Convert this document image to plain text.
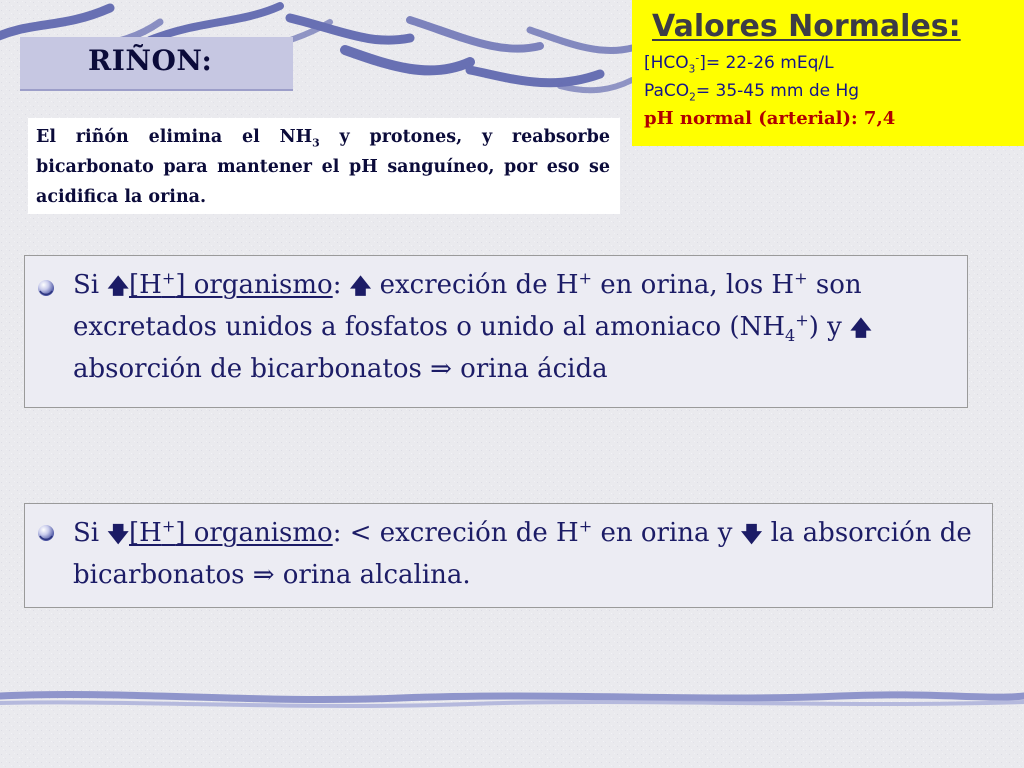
RIÑON:

El riñón elimina el $NH_3$ y protones, y reabsorbe bicarbonato para mantener el pH sanguíneo, por eso se acidifica la orina.

Valores Normales:
$[HCO_3^-]= 22-26$ mEq/L
PaCO$_2$= 35-45 mm de Hg
pH normal (arterial): 7,4
Si 🡅[H+] organismo: 🡅 excreción de H+ en orina, los H+ son excretados unidos a fosfatos o unido al amoniaco $(NH_4^+)$ y 🡅 absorción de bicarbonatos ⇒ orina ácida
Si 🡇[H+] organismo: < excreción de H+ en orina y 🡇 la absorción de bicarbonatos ⇒ orina alcalina.
